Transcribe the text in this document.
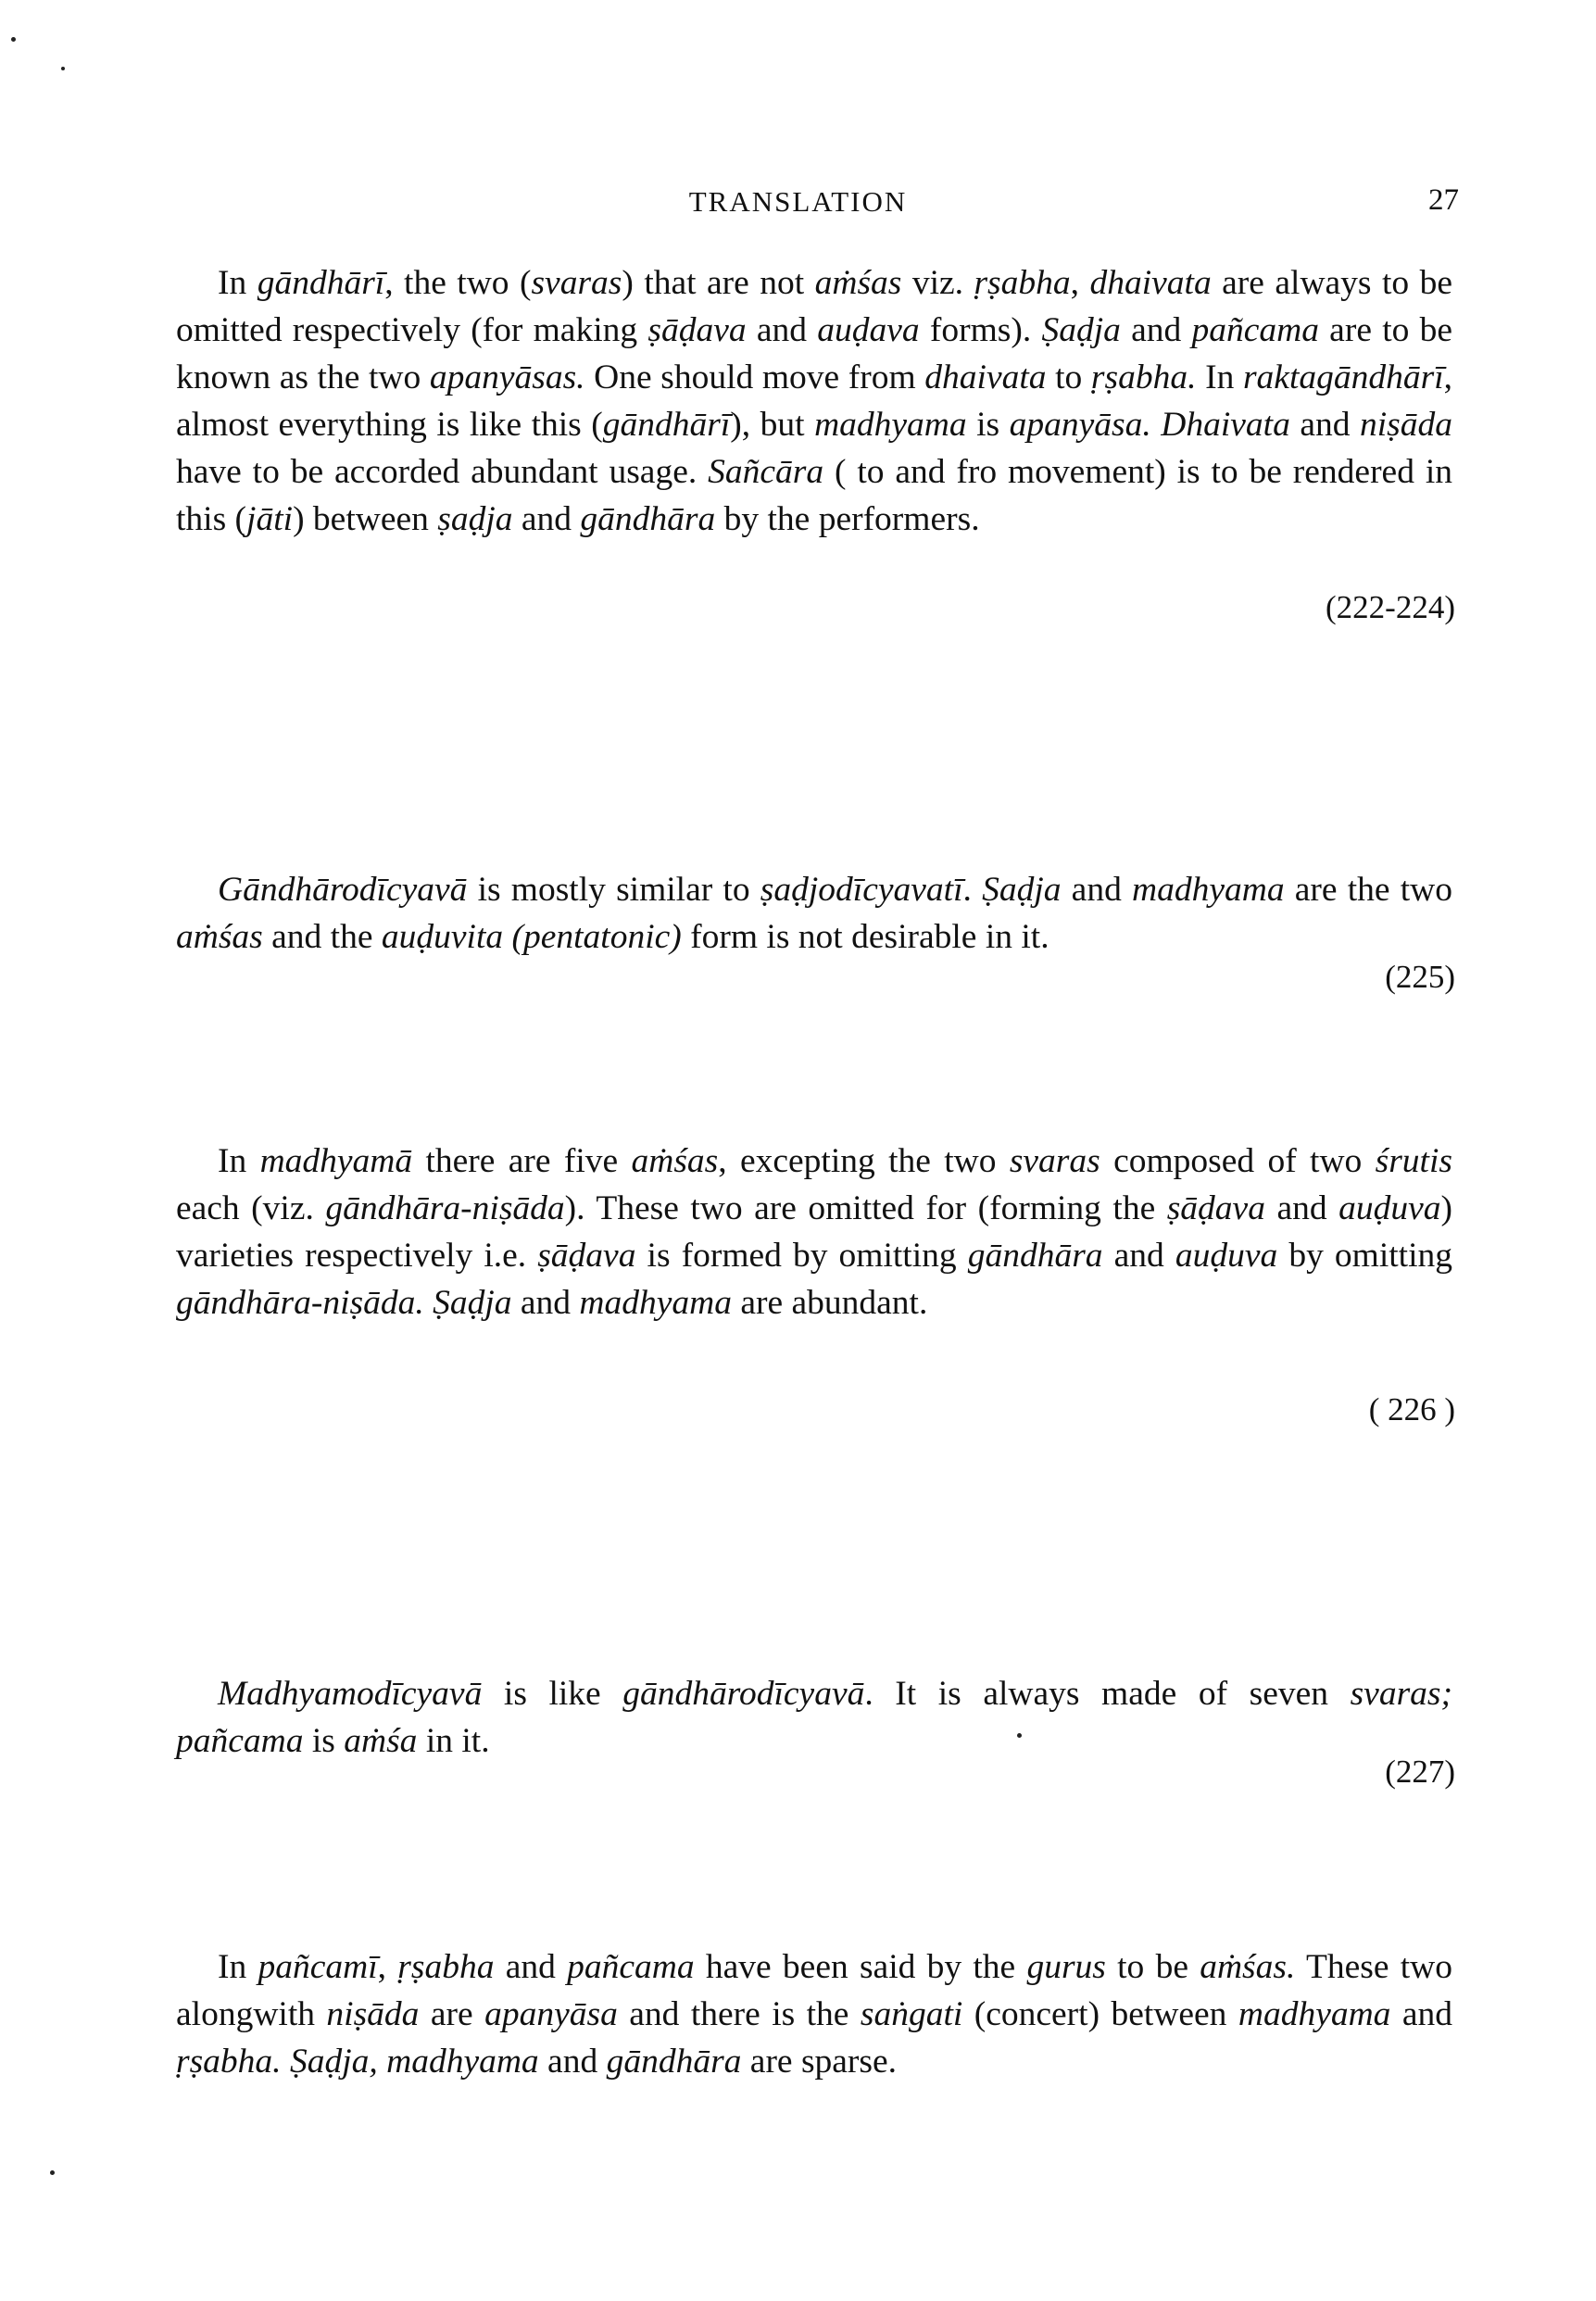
TRANSLATION	27

In gāndhārī, the two (svaras) that are not aṁśas viz. ṛṣabha, dhaivata are always to be omitted respectively (for making ṣāḍava and auḍava forms). Ṣaḍja and pañcama are to be known as the two apanyāsas. One should move from dhaivata to ṛṣabha. In raktagāndhārī, almost everything is like this (gāndhārī), but madhyama is apanyāsa. Dhaivata and niṣāda have to be accorded abundant usage. Sañcāra ( to and fro movement) is to be rendered in this (jāti) between ṣaḍja and gāndhāra by the performers.

(222-224)

Gāndhārodīcyavā is mostly similar to ṣaḍjodīcyavatī. Ṣaḍja and madhyama are the two aṁśas and the auḍuvita (pentatonic) form is not desirable in it.

(225)

In madhyamā there are five aṁśas, excepting the two svaras composed of two śrutis each (viz. gāndhāra-niṣāda). These two are omitted for (forming the ṣāḍava and auḍuva) varieties respectively i.e. ṣāḍava is formed by omitting gāndhāra and auḍuva by omitting gāndhāra-niṣāda. Ṣaḍja and madhyama are abundant.

( 226 )

Madhyamodīcyavā is like gāndhārodīcyavā. It is always made of seven svaras; pañcama is aṁśa in it.

(227)

In pañcamī, ṛṣabha and pañcama have been said by the gurus to be aṁśas. These two alongwith niṣāda are apanyāsa and there is the saṅgati (concert) between madhyama and ṛṣabha. Ṣaḍja, madhyama and gāndhāra are sparse.
